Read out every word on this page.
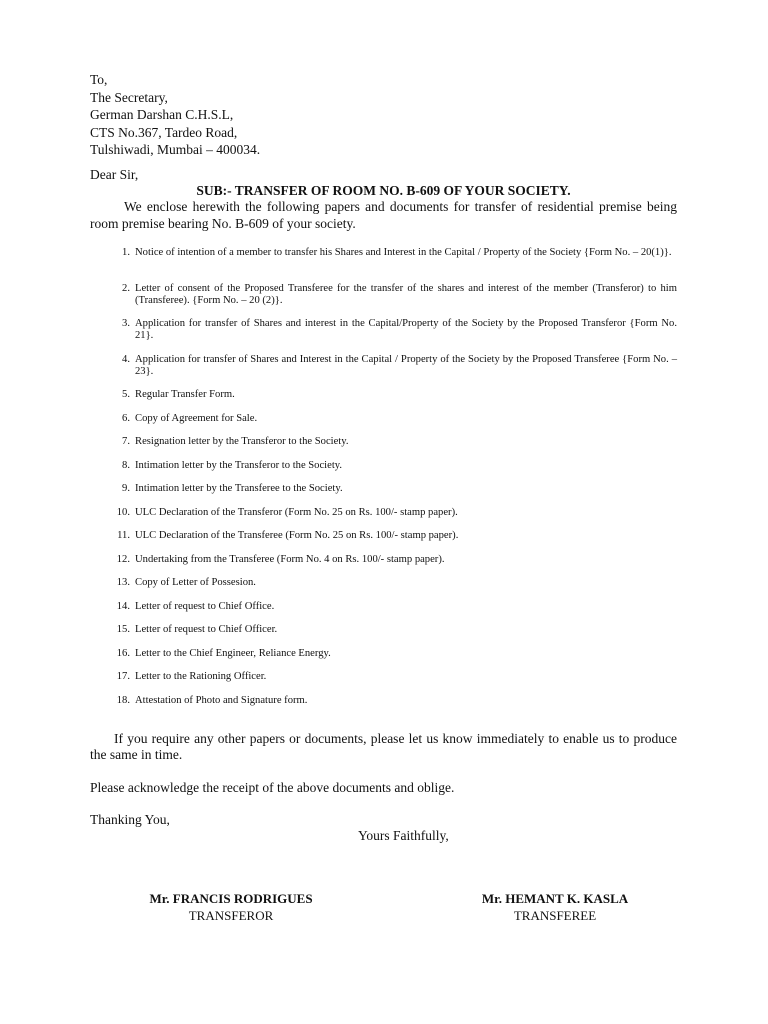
To,
The Secretary,
German Darshan C.H.S.L,
CTS No.367, Tardeo Road,
Tulshiwadi, Mumbai – 400034.
Dear Sir,
SUB:- TRANSFER OF ROOM NO. B-609 OF YOUR SOCIETY.

We enclose herewith the following papers and documents for transfer of residential premise being room premise bearing No. B-609 of your society.

1. Notice of intention of a member to transfer his Shares and Interest in the Capital / Property of the Society {Form No. – 20(1)}.
2. Letter of consent of the Proposed Transferee for the transfer of the shares and interest of the member (Transferor) to him (Transferee). {Form No. – 20 (2)}.
3. Application for transfer of Shares and interest in the Capital/Property of the Society by the Proposed Transferor {Form No. 21}.
4. Application for transfer of Shares and Interest in the Capital / Property of the Society by the Proposed Transferee {Form No. – 23}.
5. Regular Transfer Form.
6. Copy of Agreement for Sale.
7. Resignation letter by the Transferor to the Society.
8. Intimation letter by the Transferor to the Society.
9. Intimation letter by the Transferee to the Society.
10. ULC Declaration of the Transferor (Form No. 25 on Rs. 100/- stamp paper).
11. ULC Declaration of the Transferee (Form No. 25 on Rs. 100/- stamp paper).
12. Undertaking from the Transferee (Form No. 4 on Rs. 100/- stamp paper).
13. Copy of Letter of Possesion.
14. Letter of request to Chief Office.
15. Letter of request to Chief Officer.
16. Letter to the Chief Engineer, Reliance Energy.
17. Letter to the Rationing Officer.
18. Attestation of Photo and Signature form.

If you require any other papers or documents, please let us know immediately to enable us to produce the same in time.

Please acknowledge the receipt of the above documents and oblige.

Thanking You,
Yours Faithfully,
Mr. FRANCIS RODRIGUES
TRANSFEROR
Mr. HEMANT K. KASLA
TRANSFEREE
